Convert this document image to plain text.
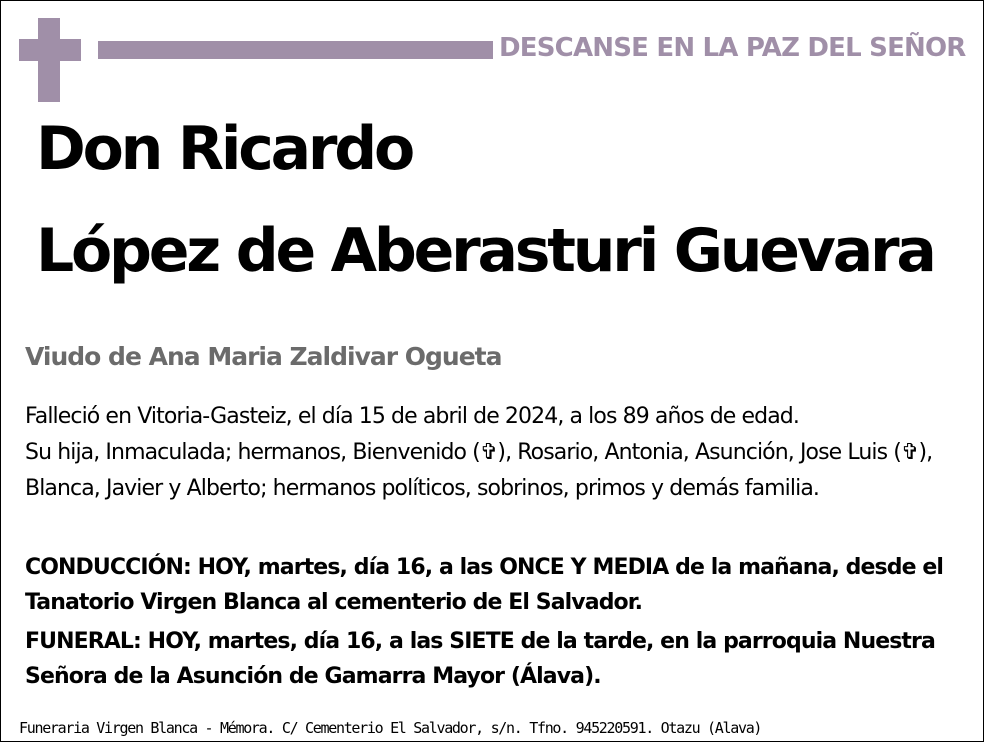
DESCANSE EN LA PAZ DEL SEÑOR
Don Ricardo
López de Aberasturi Guevara
Viudo de Ana Maria Zaldivar Ogueta

Falleció en Vitoria-Gasteiz, el día 15 de abril de 2024, a los 89 años de edad.

Su hija, Inmaculada; hermanos, Bienvenido (✞), Rosario, Antonia, Asunción, Jose Luis (✞), Blanca, Javier y Alberto; hermanos políticos, sobrinos, primos y demás familia.

CONDUCCIÓN: HOY, martes, día 16, a las ONCE Y MEDIA de la mañana, desde el Tanatorio Virgen Blanca al cementerio de El Salvador.
FUNERAL: HOY, martes, día 16, a las SIETE de la tarde, en la parroquia Nuestra Señora de la Asunción de Gamarra Mayor (Álava).
Funeraria Virgen Blanca - Mémora. C/ Cementerio El Salvador, s/n. Tfno. 945220591. Otazu (Alava)
